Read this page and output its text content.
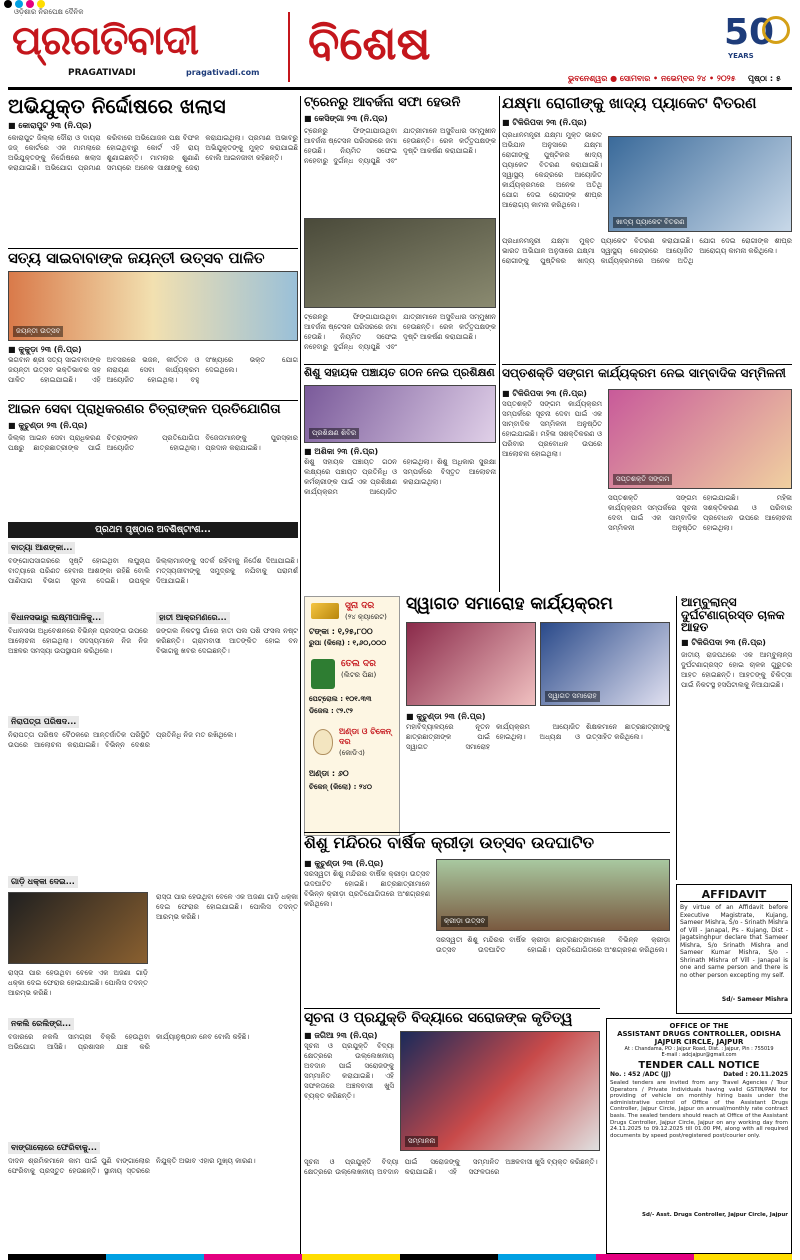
ଓଡ଼ିଶାର ନିରପେକ୍ଷ ଦୈନିକ
ପ୍ରଗତିବାଦୀ
PRAGATIVADI	pragativadi.com
ବିଶେଷ	50
YEARS
ଭୁବନେଶ୍ୱର ● ସୋମବାର • ନଭେମ୍ବର ୨୪ • ୨୦୨୫ ପୃଷ୍ଠା : ୫
ଅଭିଯୁକ୍ତ ନିର୍ଦ୍ଦୋଷରେ ଖଲାସ
■ କୋରାପୁଟ ୨୩ (ନି.ପ୍ର)
କୋରାପୁଟ ଜିଲ୍ଲା ଦୌରା ଓ ଦାୟରା ଜଜ୍ କୋର୍ଟରେ ଏକ ମାମଲାରେ ଅଭିଯୁକ୍ତଙ୍କୁ ନିର୍ଦ୍ଦୋଷରେ ଖଲାସ କରାଯାଇଛି। ଅଭିଯୋଗ ପ୍ରମାଣ କରିବାରେ ଅଭିଯୋଜନ ପକ୍ଷ ବିଫଳ ହୋଇଥିବାରୁ କୋର୍ଟ ଏହି ରାୟ ଶୁଣାଇଛନ୍ତି। ମାମଲାର ଶୁଣାଣି ସମୟରେ ଅନେକ ସାକ୍ଷୀଙ୍କୁ ଜେରା କରାଯାଇଥିଲା। ପ୍ରମାଣ ଅଭାବରୁ ଅଭିଯୁକ୍ତଙ୍କୁ ମୁକ୍ତ କରାଯାଇଛି ବୋଲି ଆଇନଜୀବୀ କହିଛନ୍ତି।
ଟ୍ରେନରୁ ଆବର୍ଜନା ସଫା ହେଉନି
■ କେସିଙ୍ଗା ୨୩ (ନି.ପ୍ର)
ଟ୍ରେନରୁ ଫିଙ୍ଗାଯାଉଥିବା ଆବର୍ଜନା ଷ୍ଟେସନ ପରିସରରେ ଜମା ହେଉଛି। ନିୟମିତ ସଫେଇ ନହେବାରୁ ଦୁର୍ଗନ୍ଧ ବ୍ୟାପୁଛି ଏବଂ ଯାତ୍ରୀମାନେ ଅସୁବିଧାର ସମ୍ମୁଖୀନ ହେଉଛନ୍ତି। ରେଳ କର୍ତ୍ତୃପକ୍ଷଙ୍କ ଦୃଷ୍ଟି ଆକର୍ଷଣ କରାଯାଇଛି।
ଟ୍ରେନରୁ ଫିଙ୍ଗାଯାଉଥିବା ଆବର୍ଜନା ଷ୍ଟେସନ ପରିସରରେ ଜମା ହେଉଛି। ନିୟମିତ ସଫେଇ ନହେବାରୁ ଦୁର୍ଗନ୍ଧ ବ୍ୟାପୁଛି ଏବଂ ଯାତ୍ରୀମାନେ ଅସୁବିଧାର ସମ୍ମୁଖୀନ ହେଉଛନ୍ତି। ରେଳ କର୍ତ୍ତୃପକ୍ଷଙ୍କ ଦୃଷ୍ଟି ଆକର୍ଷଣ କରାଯାଇଛି।
ଯକ୍ଷ୍ମା ରୋଗୀଙ୍କୁ ଖାଦ୍ୟ ପ୍ୟାକେଟ ବିତରଣ
■ ଟିକିରିପଦା ୨୩ (ନି.ପ୍ର)
ପ୍ରଧାନମନ୍ତ୍ରୀ ଯକ୍ଷ୍ମା ମୁକ୍ତ ଭାରତ ଅଭିଯାନ ଅନୁସାରେ ଯକ୍ଷ୍ମା ରୋଗୀଙ୍କୁ ପୁଷ୍ଟିକର ଖାଦ୍ୟ ପ୍ୟାକେଟ ବିତରଣ କରାଯାଇଛି। ସ୍ୱାସ୍ଥ୍ୟ କେନ୍ଦ୍ରରେ ଆୟୋଜିତ କାର୍ଯ୍ୟକ୍ରମରେ ଅନେକ ଅତିଥି ଯୋଗ ଦେଇ ରୋଗୀଙ୍କ ଶୀଘ୍ର ଆରୋଗ୍ୟ କାମନା କରିଥିଲେ।
ଖାଦ୍ୟ ପ୍ୟାକେଟ ବିତରଣ
ପ୍ରଧାନମନ୍ତ୍ରୀ ଯକ୍ଷ୍ମା ମୁକ୍ତ ଭାରତ ଅଭିଯାନ ଅନୁସାରେ ଯକ୍ଷ୍ମା ରୋଗୀଙ୍କୁ ପୁଷ୍ଟିକର ଖାଦ୍ୟ ପ୍ୟାକେଟ ବିତରଣ କରାଯାଇଛି। ସ୍ୱାସ୍ଥ୍ୟ କେନ୍ଦ୍ରରେ ଆୟୋଜିତ କାର୍ଯ୍ୟକ୍ରମରେ ଅନେକ ଅତିଥି ଯୋଗ ଦେଇ ରୋଗୀଙ୍କ ଶୀଘ୍ର ଆରୋଗ୍ୟ କାମନା କରିଥିଲେ।
ସତ୍ୟ ସାଇବାବାଙ୍କ ଜୟନ୍ତୀ ଉତ୍ସବ ପାଳିତ
ଜୟନ୍ତୀ ଉତ୍ସବ
■ କୁକୁଡ଼ା ୨୩ (ନି.ପ୍ର)
ଭଗବାନ ଶ୍ରୀ ସତ୍ୟ ସାଇବାବାଙ୍କ ଜୟନ୍ତୀ ଉତ୍ସବ ଭକ୍ତିଭାବର ସହ ପାଳିତ ହୋଇଯାଇଛି। ଏହି ଅବସରରେ ଭଜନ, କୀର୍ତ୍ତନ ଓ ନାରାୟଣ ସେବା କାର୍ଯ୍ୟକ୍ରମ ଆୟୋଜିତ ହୋଇଥିଲା। ବହୁ ସଂଖ୍ୟାରେ ଭକ୍ତ ଯୋଗ ଦେଇଥିଲେ।
ଆଇନ ସେବା ପ୍ରାଧିକରଣର ଚିତ୍ରାଙ୍କନ ପ୍ରତିଯୋଗିତା
■ କୁଚୁଣ୍ଡା ୨୩ (ନି.ପ୍ର)
ଜିଲ୍ଲା ଆଇନ ସେବା ପ୍ରାଧିକରଣ ପକ୍ଷରୁ ଛାତ୍ରଛାତ୍ରୀଙ୍କ ପାଇଁ ଚିତ୍ରାଙ୍କନ ପ୍ରତିଯୋଗିତା ଆୟୋଜିତ ହୋଇଥିଲା। ବିଜେତାମାନଙ୍କୁ ପୁରସ୍କାର ପ୍ରଦାନ କରାଯାଇଛି।
ଶିଶୁ ସହାୟକ ପଞ୍ଚାୟତ ଗଠନ ନେଇ ପ୍ରଶିକ୍ଷଣ
ପ୍ରଶିକ୍ଷଣ ଶିବିର
■ ଅଶିକା ୨୩ (ନି.ପ୍ର)
ଶିଶୁ ସହାୟକ ପଞ୍ଚାୟତ ଗଠନ ଲକ୍ଷ୍ୟରେ ପଞ୍ଚାୟତ ପ୍ରତିନିଧି ଓ କର୍ମଚାରୀଙ୍କ ପାଇଁ ଏକ ପ୍ରଶିକ୍ଷଣ କାର୍ଯ୍ୟକ୍ରମ ଆୟୋଜିତ ହୋଇଥିଲା। ଶିଶୁ ଅଧିକାର ସୁରକ୍ଷା ସମ୍ପର୍କରେ ବିସ୍ତୃତ ଆଲୋଚନା କରାଯାଇଥିଲା।
ସପ୍ତଶକ୍ତି ସଙ୍ଗମ କାର୍ଯ୍ୟକ୍ରମ ନେଇ ସାମ୍ବାଦିକ ସମ୍ମିଳନୀ
■ ଟିକିରିପଦା ୨୩ (ନି.ପ୍ର)
ସପ୍ତଶକ୍ତି ସଙ୍ଗମ କାର୍ଯ୍ୟକ୍ରମ ସମ୍ପର୍କରେ ସୂଚନା ଦେବା ପାଇଁ ଏକ ସାମ୍ବାଦିକ ସମ୍ମିଳନୀ ଅନୁଷ୍ଠିତ ହୋଇଯାଇଛି। ମହିଳା ସଶକ୍ତିକରଣ ଓ ପରିବାର ପ୍ରବୋଧନ ଉପରେ ଆଲୋଚନା ହୋଇଥିଲା।
ସପ୍ତଶକ୍ତି ସଙ୍ଗମ
ସପ୍ତଶକ୍ତି ସଙ୍ଗମ କାର୍ଯ୍ୟକ୍ରମ ସମ୍ପର୍କରେ ସୂଚନା ଦେବା ପାଇଁ ଏକ ସାମ୍ବାଦିକ ସମ୍ମିଳନୀ ଅନୁଷ୍ଠିତ ହୋଇଯାଇଛି। ମହିଳା ସଶକ୍ତିକରଣ ଓ ପରିବାର ପ୍ରବୋଧନ ଉପରେ ଆଲୋଚନା ହୋଇଥିଲା।
ପ୍ରଥମ ପୃଷ୍ଠାର ଅବଶିଷ୍ଟାଂଶ...
ବାତ୍ୟା ଆଶଙ୍କା...
ବଙ୍ଗୋପସାଗରରେ ସୃଷ୍ଟି ହୋଇଥିବା ଲଘୁଚାପ ବାତ୍ୟାରେ ପରିଣତ ହେବାର ଆଶଙ୍କା ରହିଛି ବୋଲି ପାଣିପାଗ ବିଭାଗ ସୂଚନା ଦେଇଛି। ଉପକୂଳ ଜିଲ୍ଲାମାନଙ୍କୁ ସତର୍କ ରହିବାକୁ ନିର୍ଦ୍ଦେଶ ଦିଆଯାଇଛି। ମତ୍ସ୍ୟଜୀବୀଙ୍କୁ ସମୁଦ୍ରକୁ ନଯିବାକୁ ପରାମର୍ଶ ଦିଆଯାଇଛି।
ବିଧାନସଭାରୁ ଲକ୍ଷ୍ମୀପାଳିକୁ...
ବିଧାନସଭା ଅଧିବେଶନରେ ବିଭିନ୍ନ ପ୍ରସଙ୍ଗ ଉପରେ ଆଲୋଚନା ହୋଇଥିଲା। ସଦସ୍ୟମାନେ ନିଜ ନିଜ ଅଞ୍ଚଳର ସମସ୍ୟା ଉପସ୍ଥାପନ କରିଥିଲେ।
ହାତୀ ଆକ୍ରମଣରେ...
ଜଙ୍ଗଲ ନିକଟସ୍ଥ ଗାଁରେ ହାତୀ ପଲ ପଶି ଫସଲ ନଷ୍ଟ କରିଛନ୍ତି। ଗ୍ରାମବାସୀ ଆତଙ୍କିତ ହୋଇ ବନ ବିଭାଗକୁ ଖବର ଦେଇଛନ୍ତି।
ନିରାପତ୍ତା ପରିଷଦ...
ନିରାପତ୍ତା ପରିଷଦ ବୈଠକରେ ଆନ୍ତର୍ଜାତିକ ପରିସ୍ଥିତି ଉପରେ ଆଲୋଚନା କରାଯାଇଛି। ବିଭିନ୍ନ ଦେଶର ପ୍ରତିନିଧି ନିଜ ମତ ରଖିଥିଲେ।
ଗାଡ଼ି ଧକ୍କା ଦେଇ...
ରାସ୍ତା ପାର ହେଉଥିବା ବେଳେ ଏକ ଅଜଣା ଗାଡ଼ି ଧକ୍କା ଦେଇ ଫେରାର ହୋଇଯାଇଛି। ପୋଲିସ ତଦନ୍ତ ଆରମ୍ଭ କରିଛି।
ରାସ୍ତା ପାର ହେଉଥିବା ବେଳେ ଏକ ଅଜଣା ଗାଡ଼ି ଧକ୍କା ଦେଇ ଫେରାର ହୋଇଯାଇଛି। ପୋଲିସ ତଦନ୍ତ ଆରମ୍ଭ କରିଛି।
ନକଲି ରେଲିଙ୍ଗ...
ବଜାରରେ ନକଲି ସାମଗ୍ରୀ ବିକ୍ରି ହେଉଥିବା ଅଭିଯୋଗ ଆସିଛି। ପ୍ରଶାସନ ଯାଞ୍ଚ କରି କାର୍ଯ୍ୟାନୁଷ୍ଠାନ ନେବ ବୋଲି କହିଛି।
ବାଙ୍ଗାଲୋରେ ଫେରିବାକୁ...
ଦାଦନ ଶ୍ରମିକମାନେ କାମ ପାଇଁ ପୁଣି ବାଙ୍ଗାଲୋର ଫେରିବାକୁ ପ୍ରସ୍ତୁତ ହେଉଛନ୍ତି। ସ୍ଥାନୀୟ ସ୍ତରରେ ନିଯୁକ୍ତି ଅଭାବ ଏହାର ମୁଖ୍ୟ କାରଣ।
ସୁନା ଦର
(୨୪ କ୍ୟାରେଟ)
ଟଙ୍କା : ୧,୨୫,୮୦୦
ରୁପା (କିଲୋ) : ୧,୬୦,୦୦୦
ତେଲ ଦର
(ଲିଟର ପିଛା)
ପେଟ୍ରୋଲ : ୧୦୧.୩୩
ଡିଜେଲ : ୯୨.୯୨
ଅଣ୍ଡା ଓ ଚିକେନ୍ ଦର
(କୋଡିଏ)
ଅଣ୍ଡା : ୬୦
ଚିକେନ୍ (କିଲୋ) : ୨୪୦
ସ୍ୱାଗତ ସମାରୋହ କାର୍ଯ୍ୟକ୍ରମ
ସ୍ୱାଗତ ସମାରୋହ
■ କୁଚୁଣ୍ଡା ୨୩ (ନି.ପ୍ର)
ମହାବିଦ୍ୟାଳୟରେ ନୂତନ ଛାତ୍ରଛାତ୍ରୀଙ୍କ ପାଇଁ ସ୍ୱାଗତ ସମାରୋହ କାର୍ଯ୍ୟକ୍ରମ ଆୟୋଜିତ ହୋଇଥିଲା। ଅଧ୍ୟକ୍ଷ ଓ ଶିକ୍ଷକମାନେ ଛାତ୍ରଛାତ୍ରୀଙ୍କୁ ଉତ୍ସାହିତ କରିଥିଲେ।
ଆମ୍ବୁଲାନ୍ସ ଦୁର୍ଘଟଣାଗ୍ରସ୍ତ ଚାଳକ ଆହତ
■ ଟିକିରିପଦା ୨୩ (ନି.ପ୍ର)
ଜାତୀୟ ରାଜପଥରେ ଏକ ଆମ୍ବୁଲାନ୍ସ ଦୁର୍ଘଟଣାଗ୍ରସ୍ତ ହୋଇ ଚାଳକ ଗୁରୁତର ଆହତ ହୋଇଛନ୍ତି। ଆହତଙ୍କୁ ଚିକିତ୍ସା ପାଇଁ ନିକଟସ୍ଥ ହସପିଟାଲକୁ ନିଆଯାଇଛି।
ଶିଶୁ ମନ୍ଦିରର ବାର୍ଷିକ କ୍ରୀଡ଼ା ଉତ୍ସବ ଉଦଘାଟିତ
■ କୁଚୁଣ୍ଡା ୨୩ (ନି.ପ୍ର)
ସରସ୍ୱତୀ ଶିଶୁ ମନ୍ଦିରର ବାର୍ଷିକ କ୍ରୀଡ଼ା ଉତ୍ସବ ଉଦଘାଟିତ ହୋଇଛି। ଛାତ୍ରଛାତ୍ରୀମାନେ ବିଭିନ୍ନ କ୍ରୀଡ଼ା ପ୍ରତିଯୋଗିତାରେ ଅଂଶଗ୍ରହଣ କରିଥିଲେ।
କ୍ରୀଡ଼ା ଉତ୍ସବ
ସରସ୍ୱତୀ ଶିଶୁ ମନ୍ଦିରର ବାର୍ଷିକ କ୍ରୀଡ଼ା ଉତ୍ସବ ଉଦଘାଟିତ ହୋଇଛି। ଛାତ୍ରଛାତ୍ରୀମାନେ ବିଭିନ୍ନ କ୍ରୀଡ଼ା ପ୍ରତିଯୋଗିତାରେ ଅଂଶଗ୍ରହଣ କରିଥିଲେ।
AFFIDAVIT
By virtue of an Affidavit before Executive Magistrate, Kujang, Sameer Mishra, S/o - Srinath Mishra of Vill - Janapal, Ps - Kujang, Dist - Jagatsinghpur declare that Sameer Mishra, S/o Srinath Mishra and Sameer Kumar Mishra, S/o - Shrinath Mishra of Vill - Janapal is one and same person and there is no other person excepting my self.
Sd/- Sameer Mishra
ସୂଚନା ଓ ପ୍ରଯୁକ୍ତି ବିଦ୍ୟାରେ ସରୋଜଙ୍କ କୃତିତ୍ୱ
■ ଜଗିଆ ୨୩ (ନି.ପ୍ର)
ସୂଚନା ଓ ପ୍ରଯୁକ୍ତି ବିଦ୍ୟା କ୍ଷେତ୍ରରେ ଉଲ୍ଲେଖନୀୟ ଅବଦାନ ପାଇଁ ସରୋଜଙ୍କୁ ସମ୍ମାନିତ କରାଯାଇଛି। ଏହି ସଫଳତାରେ ଅଞ୍ଚଳବାସୀ ଖୁସି ବ୍ୟକ୍ତ କରିଛନ୍ତି।
ସମ୍ମାନନା
ସୂଚନା ଓ ପ୍ରଯୁକ୍ତି ବିଦ୍ୟା କ୍ଷେତ୍ରରେ ଉଲ୍ଲେଖନୀୟ ଅବଦାନ ପାଇଁ ସରୋଜଙ୍କୁ ସମ୍ମାନିତ କରାଯାଇଛି। ଏହି ସଫଳତାରେ ଅଞ୍ଚଳବାସୀ ଖୁସି ବ୍ୟକ୍ତ କରିଛନ୍ତି।
OFFICE OF THE
ASSISTANT DRUGS CONTROLLER, ODISHA
JAJPUR CIRCLE, JAJPUR
At : Chandama, PO : Jajpur Road, Dist. : Jajpur, Pin : 755019
E-mail : adcjajpur@gmail.com
TENDER CALL NOTICE
No. : 452 /ADC (JJ)	Dated : 20.11.2025
Sealed tenders are invited from any Travel Agencies / Tour Operators / Private Individuals having valid GSTIN/PAN for providing of vehicle on monthly hiring basis under the administrative control of Office of the Assistant Drugs Controller, Jajpur Circle, Jajpur on annual/monthly rate contract basis. The sealed tenders should reach at Office of the Assistant Drugs Controller, Jajpur Circle, Jajpur on any working day from 24.11.2025 to 09.12.2025 till 01.00 PM, along with all required documents by speed post/registered post/courier only.
Sd/- Asst. Drugs Controller, Jajpur Circle, Jajpur
